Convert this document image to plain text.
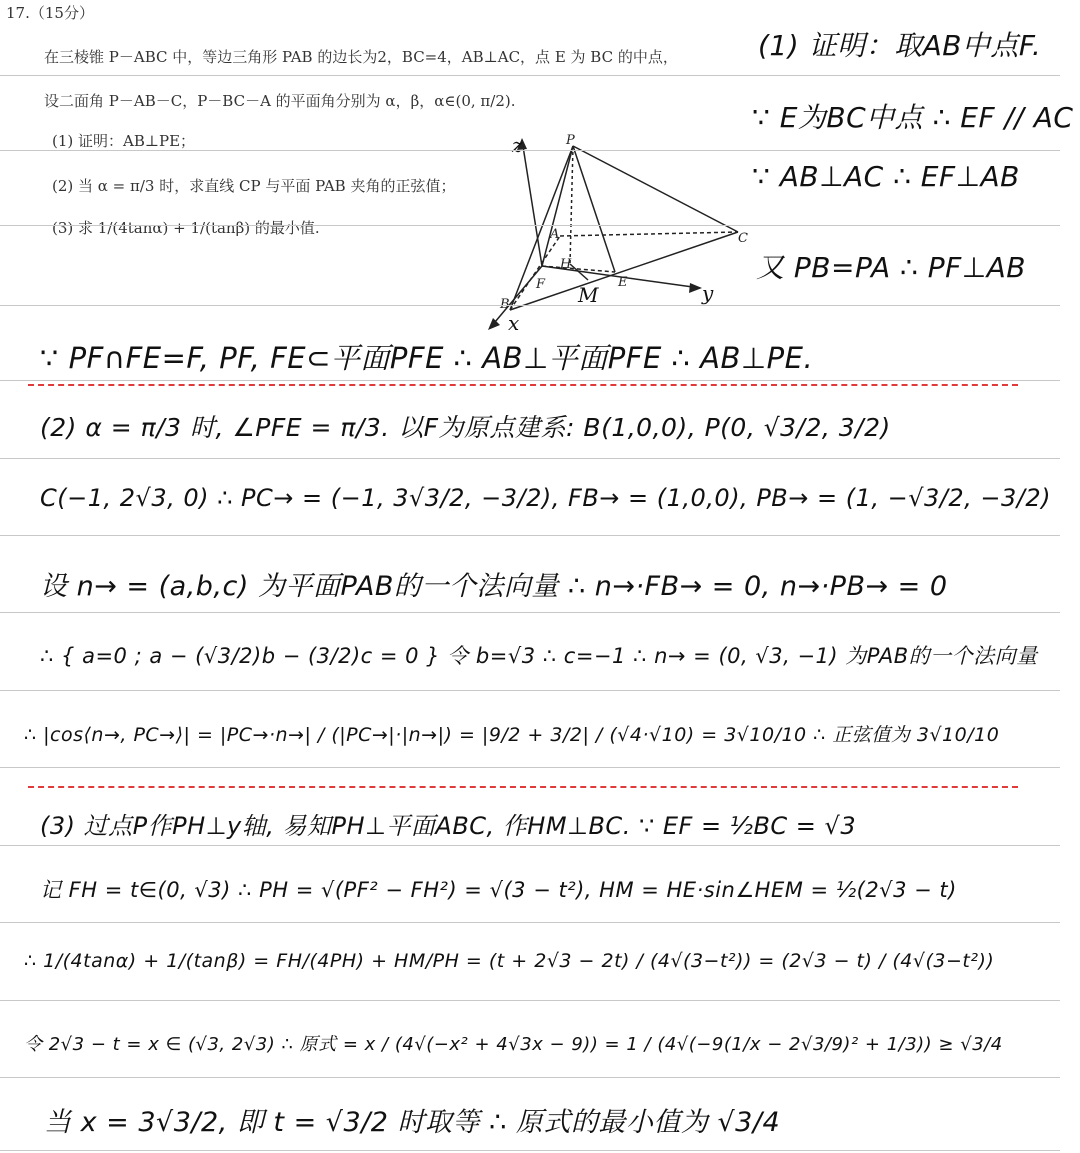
17.（15分）
在三棱锥 P－ABC 中，等边三角形 PAB 的边长为2，BC=4，AB⊥AC，点 E 为 BC 的中点，
设二面角 P－AB－C，P－BC－A 的平面角分别为 α，β，α∈(0, π/2).
(1) 证明：AB⊥PE；
(2) 当 α = π/3 时，求直线 CP 与平面 PAB 夹角的正弦值；
(3) 求 1/(4tanα) + 1/(tanβ) 的最小值.
P
A
B
C
E
F
H
z
y
x
M
(1) 证明：取AB中点F.
∵ E为BC中点 ∴ EF // AC
∵ AB⊥AC ∴ EF⊥AB
又 PB=PA ∴ PF⊥AB
∵ PF∩FE=F, PF, FE⊂平面PFE ∴ AB⊥平面PFE ∴ AB⊥PE.
(2) α = π/3 时, ∠PFE = π/3. 以F为原点建系: B(1,0,0), P(0, √3/2, 3/2)
C(−1, 2√3, 0) ∴ PC→ = (−1, 3√3/2, −3/2), FB→ = (1,0,0), PB→ = (1, −√3/2, −3/2)
设 n→ = (a,b,c) 为平面PAB的一个法向量 ∴ n→·FB→ = 0, n→·PB→ = 0
∴ { a=0 ; a − (√3/2)b − (3/2)c = 0 } 令 b=√3 ∴ c=−1 ∴ n→ = (0, √3, −1) 为PAB的一个法向量
∴ |cos⟨n→, PC→⟩| = |PC→·n→| / (|PC→|·|n→|) = |9/2 + 3/2| / (√4·√10) = 3√10/10 ∴ 正弦值为 3√10/10
(3) 过点P作PH⊥y轴, 易知PH⊥平面ABC, 作HM⊥BC. ∵ EF = ½BC = √3
记 FH = t∈(0, √3) ∴ PH = √(PF² − FH²) = √(3 − t²), HM = HE·sin∠HEM = ½(2√3 − t)
∴ 1/(4tanα) + 1/(tanβ) = FH/(4PH) + HM/PH = (t + 2√3 − 2t) / (4√(3−t²)) = (2√3 − t) / (4√(3−t²))
令 2√3 − t = x ∈ (√3, 2√3) ∴ 原式 = x / (4√(−x² + 4√3x − 9)) = 1 / (4√(−9(1/x − 2√3/9)² + 1/3)) ≥ √3/4
当 x = 3√3/2, 即 t = √3/2 时取等 ∴ 原式的最小值为 √3/4
